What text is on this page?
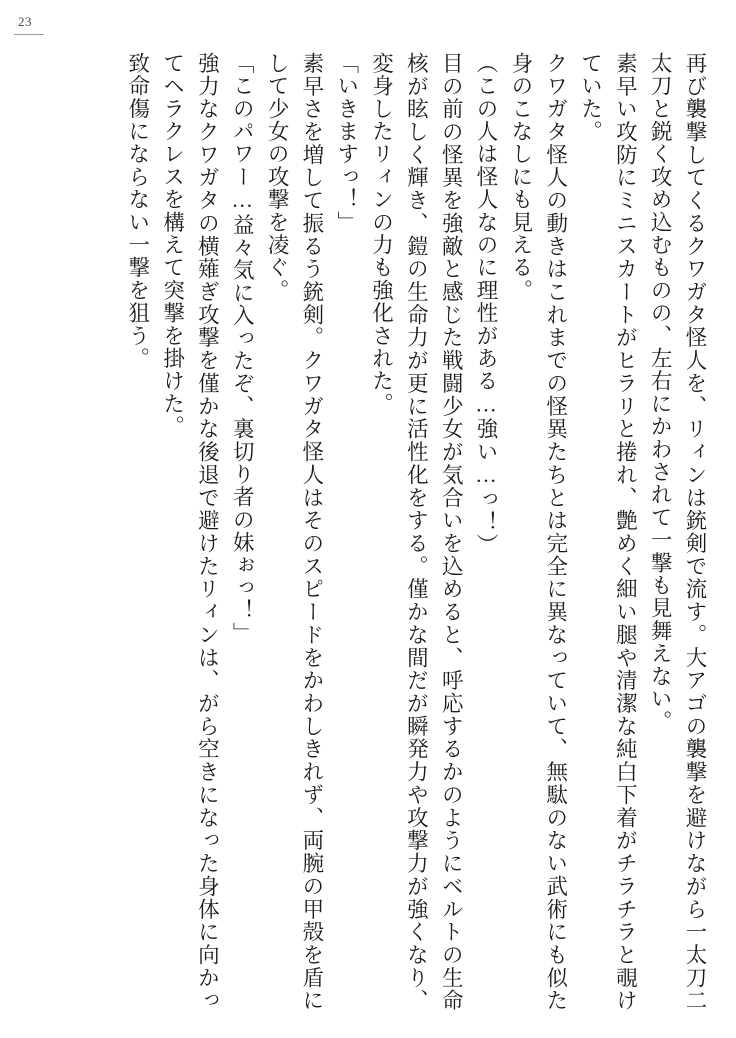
23

再び襲撃してくるクワガタ怪人を、リィンは銃剣で流す。大アゴの襲撃を避けながら一太刀二太刀と鋭く攻め込むものの、左右にかわされて一撃も見舞えない。

素早い攻防にミニスカートがヒラリと捲れ、艶めく細い腿や清潔な純白下着がチラチラと覗けていた。

クワガタ怪人の動きはこれまでの怪異たちとは完全に異なっていて、無駄のない武術にも似た身のこなしにも見える。

（この人は怪人なのに理性がある…強い…っ！）

目の前の怪異を強敵と感じた戦闘少女が気合いを込めると、呼応するかのようにベルトの生命核が眩しく輝き、鎧の生命力が更に活性化をする。僅かな間だが瞬発力や攻撃力が強くなり、変身したリィンの力も強化された。

「いきますっ！」

素早さを増して振るう銃剣。クワガタ怪人はそのスピードをかわしきれず、両腕の甲殻を盾にして少女の攻撃を凌ぐ。

「このパワー…益々気に入ったぞ、裏切り者の妹ぉっ！」

強力なクワガタの横薙ぎ攻撃を僅かな後退で避けたリィンは、がら空きになった身体に向かってヘラクレスを構えて突撃を掛けた。

致命傷にならない一撃を狙う。
